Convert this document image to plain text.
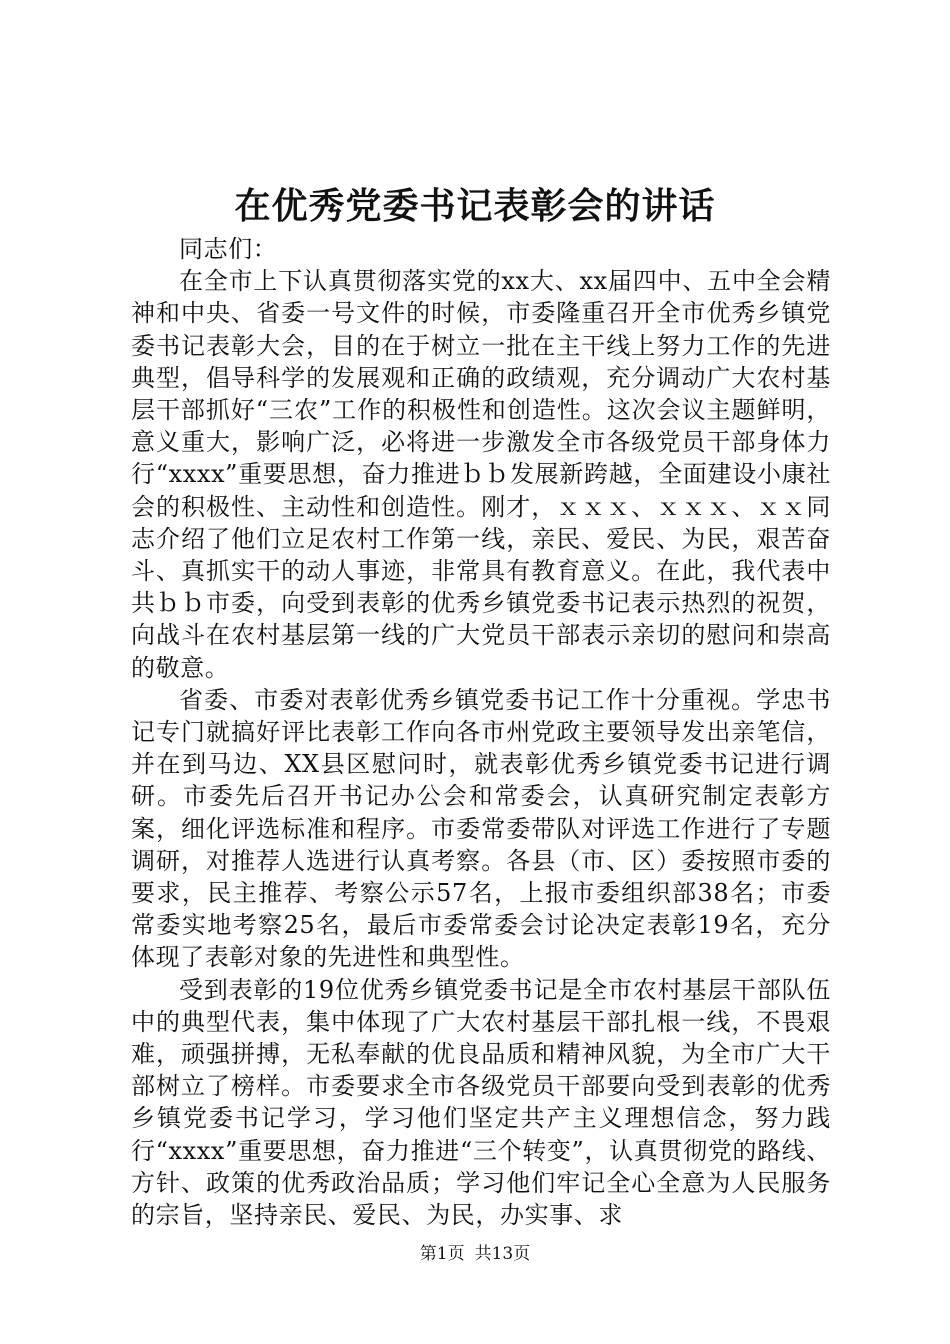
在优秀党委书记表彰会的讲话

同志们：

在全市上下认真贯彻落实党的xx大、xx届四中、五中全会精神和中央、省委一号文件的时候，市委隆重召开全市优秀乡镇党委书记表彰大会，目的在于树立一批在主干线上努力工作的先进典型，倡导科学的发展观和正确的政绩观，充分调动广大农村基层干部抓好“三农”工作的积极性和创造性。这次会议主题鲜明，意义重大，影响广泛，必将进一步激发全市各级党员干部身体力行“xxxx”重要思想，奋力推进ｂｂ发展新跨越，全面建设小康社会的积极性、主动性和创造性。刚才，ｘｘｘ、ｘｘｘ、ｘｘ同志介绍了他们立足农村工作第一线，亲民、爱民、为民，艰苦奋斗、真抓实干的动人事迹，非常具有教育意义。在此，我代表中共ｂｂ市委，向受到表彰的优秀乡镇党委书记表示热烈的祝贺，向战斗在农村基层第一线的广大党员干部表示亲切的慰问和崇高的敬意。

省委、市委对表彰优秀乡镇党委书记工作十分重视。学忠书记专门就搞好评比表彰工作向各市州党政主要领导发出亲笔信，并在到马边、XX县区慰问时，就表彰优秀乡镇党委书记进行调研。市委先后召开书记办公会和常委会，认真研究制定表彰方案，细化评选标准和程序。市委常委带队对评选工作进行了专题调研，对推荐人选进行认真考察。各县（市、区）委按照市委的要求，民主推荐、考察公示57名，上报市委组织部38名；市委常委实地考察25名，最后市委常委会讨论决定表彰19名，充分体现了表彰对象的先进性和典型性。

受到表彰的19位优秀乡镇党委书记是全市农村基层干部队伍中的典型代表，集中体现了广大农村基层干部扎根一线，不畏艰难，顽强拼搏，无私奉献的优良品质和精神风貌，为全市广大干部树立了榜样。市委要求全市各级党员干部要向受到表彰的优秀乡镇党委书记学习，学习他们坚定共产主义理想信念，努力践行“xxxx”重要思想，奋力推进“三个转变”，认真贯彻党的路线、方针、政策的优秀政治品质；学习他们牢记全心全意为人民服务的宗旨，坚持亲民、爱民、为民，办实事、求

第1页 共13页
